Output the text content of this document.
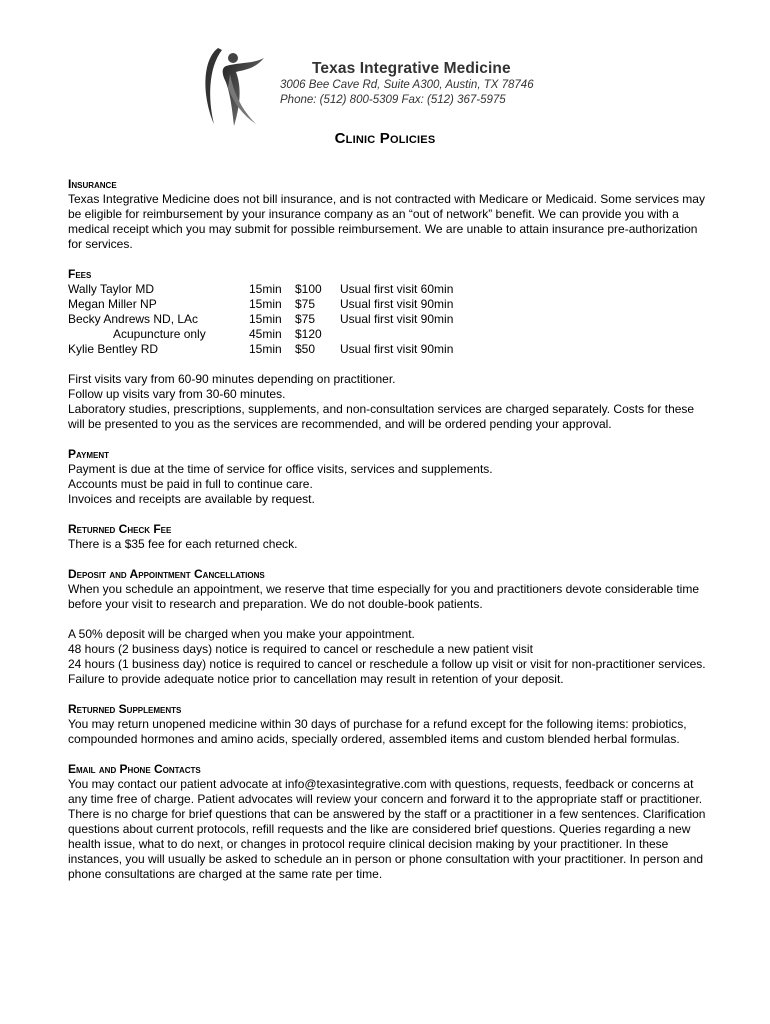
Texas Integrative Medicine
3006 Bee Cave Rd, Suite A300, Austin, TX 78746
Phone: (512) 800-5309 Fax: (512) 367-5975
Clinic Policies
Insurance

Texas Integrative Medicine does not bill insurance, and is not contracted with Medicare or Medicaid. Some services may be eligible for reimbursement by your insurance company as an “out of network” benefit. We can provide you with a medical receipt which you may submit for possible reimbursement. We are unable to attain insurance pre-authorization for services.

Fees
Wally Taylor MD	15min $100 Usual first visit 60min
Megan Miller NP	15min $75 Usual first visit 90min
Becky Andrews ND, LAc	15min $75 Usual first visit 90min
Acupuncture only	45min $120
Kylie Bentley RD	15min $50 Usual first visit 90min

First visits vary from 60-90 minutes depending on practitioner.

Follow up visits vary from 30-60 minutes.

Laboratory studies, prescriptions, supplements, and non-consultation services are charged separately. Costs for these will be presented to you as the services are recommended, and will be ordered pending your approval.

Payment

Payment is due at the time of service for office visits, services and supplements.

Accounts must be paid in full to continue care.

Invoices and receipts are available by request.

Returned Check Fee

There is a $35 fee for each returned check.

Deposit and Appointment Cancellations

When you schedule an appointment, we reserve that time especially for you and practitioners devote considerable time before your visit to research and preparation. We do not double-book patients.

A 50% deposit will be charged when you make your appointment.

48 hours (2 business days) notice is required to cancel or reschedule a new patient visit

24 hours (1 business day) notice is required to cancel or reschedule a follow up visit or visit for non-practitioner services. Failure to provide adequate notice prior to cancellation may result in retention of your deposit.

Returned Supplements

You may return unopened medicine within 30 days of purchase for a refund except for the following items: probiotics, compounded hormones and amino acids, specially ordered, assembled items and custom blended herbal formulas.

Email and Phone Contacts

You may contact our patient advocate at info@texasintegrative.com with questions, requests, feedback or concerns at any time free of charge. Patient advocates will review your concern and forward it to the appropriate staff or practitioner. There is no charge for brief questions that can be answered by the staff or a practitioner in a few sentences. Clarification questions about current protocols, refill requests and the like are considered brief questions. Queries regarding a new health issue, what to do next, or changes in protocol require clinical decision making by your practitioner. In these instances, you will usually be asked to schedule an in person or phone consultation with your practitioner. In person and phone consultations are charged at the same rate per time.
